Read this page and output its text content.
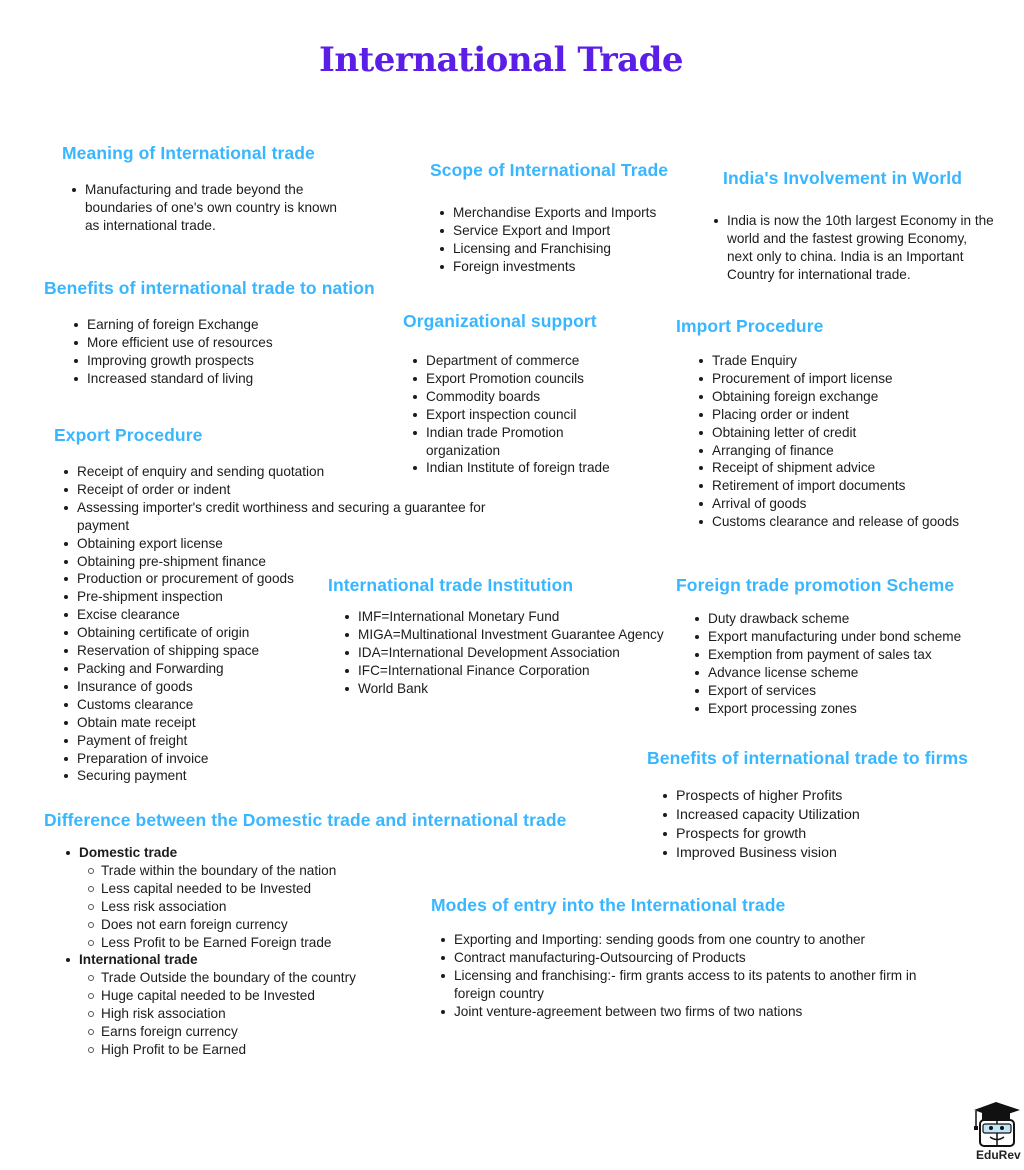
International Trade
Meaning of International trade
Manufacturing and trade beyond the boundaries of one's own country is known as international trade.
Scope of International Trade
Merchandise Exports and Imports
Service Export and Import
Licensing and Franchising
Foreign investments
India's Involvement in World
India is now the 10th largest Economy in the world and the fastest growing Economy, next only to china. India is an Important Country for international trade.
Benefits of international trade to nation
Earning of foreign Exchange
More efficient use of resources
Improving growth prospects
Increased standard of living
Organizational support
Department of commerce
Export Promotion councils
Commodity boards
Export inspection council
Indian trade Promotion organization
Indian Institute of foreign trade
Import Procedure
Trade Enquiry
Procurement of import license
Obtaining foreign exchange
Placing order or indent
Obtaining letter of credit
Arranging of finance
Receipt of shipment advice
Retirement of import documents
Arrival of goods
Customs clearance and release of goods
Export Procedure
Receipt of enquiry and sending quotation
Receipt of order or indent
Assessing importer's credit worthiness and securing a guarantee for payment
Obtaining export license
Obtaining pre-shipment finance
Production or procurement of goods
Pre-shipment inspection
Excise clearance
Obtaining certificate of origin
Reservation of shipping space
Packing and Forwarding
Insurance of goods
Customs clearance
Obtain mate receipt
Payment of freight
Preparation of invoice
Securing payment
International trade Institution
IMF=International Monetary Fund
MIGA=Multinational Investment Guarantee Agency
IDA=International Development Association
IFC=International Finance Corporation
World Bank
Foreign trade promotion Scheme
Duty drawback scheme
Export manufacturing under bond scheme
Exemption from payment of sales tax
Advance license scheme
Export of services
Export processing zones
Benefits of international trade to firms
Prospects of higher Profits
Increased capacity Utilization
Prospects for growth
Improved Business vision
Difference between the Domestic trade and international trade
Domestic trade
Trade within the boundary of the nation
Less capital needed to be Invested
Less risk association
Does not earn foreign currency
Less Profit to be Earned Foreign trade
International trade
Trade Outside the boundary of the country
Huge capital needed to be Invested
High risk association
Earns foreign currency
High Profit to be Earned
Modes of entry into the International trade
Exporting and Importing: sending goods from one country to another
Contract manufacturing-Outsourcing of Products
Licensing and franchising:- firm grants access to its patents to another firm in foreign country
Joint venture-agreement between two firms of two nations
EduRev
